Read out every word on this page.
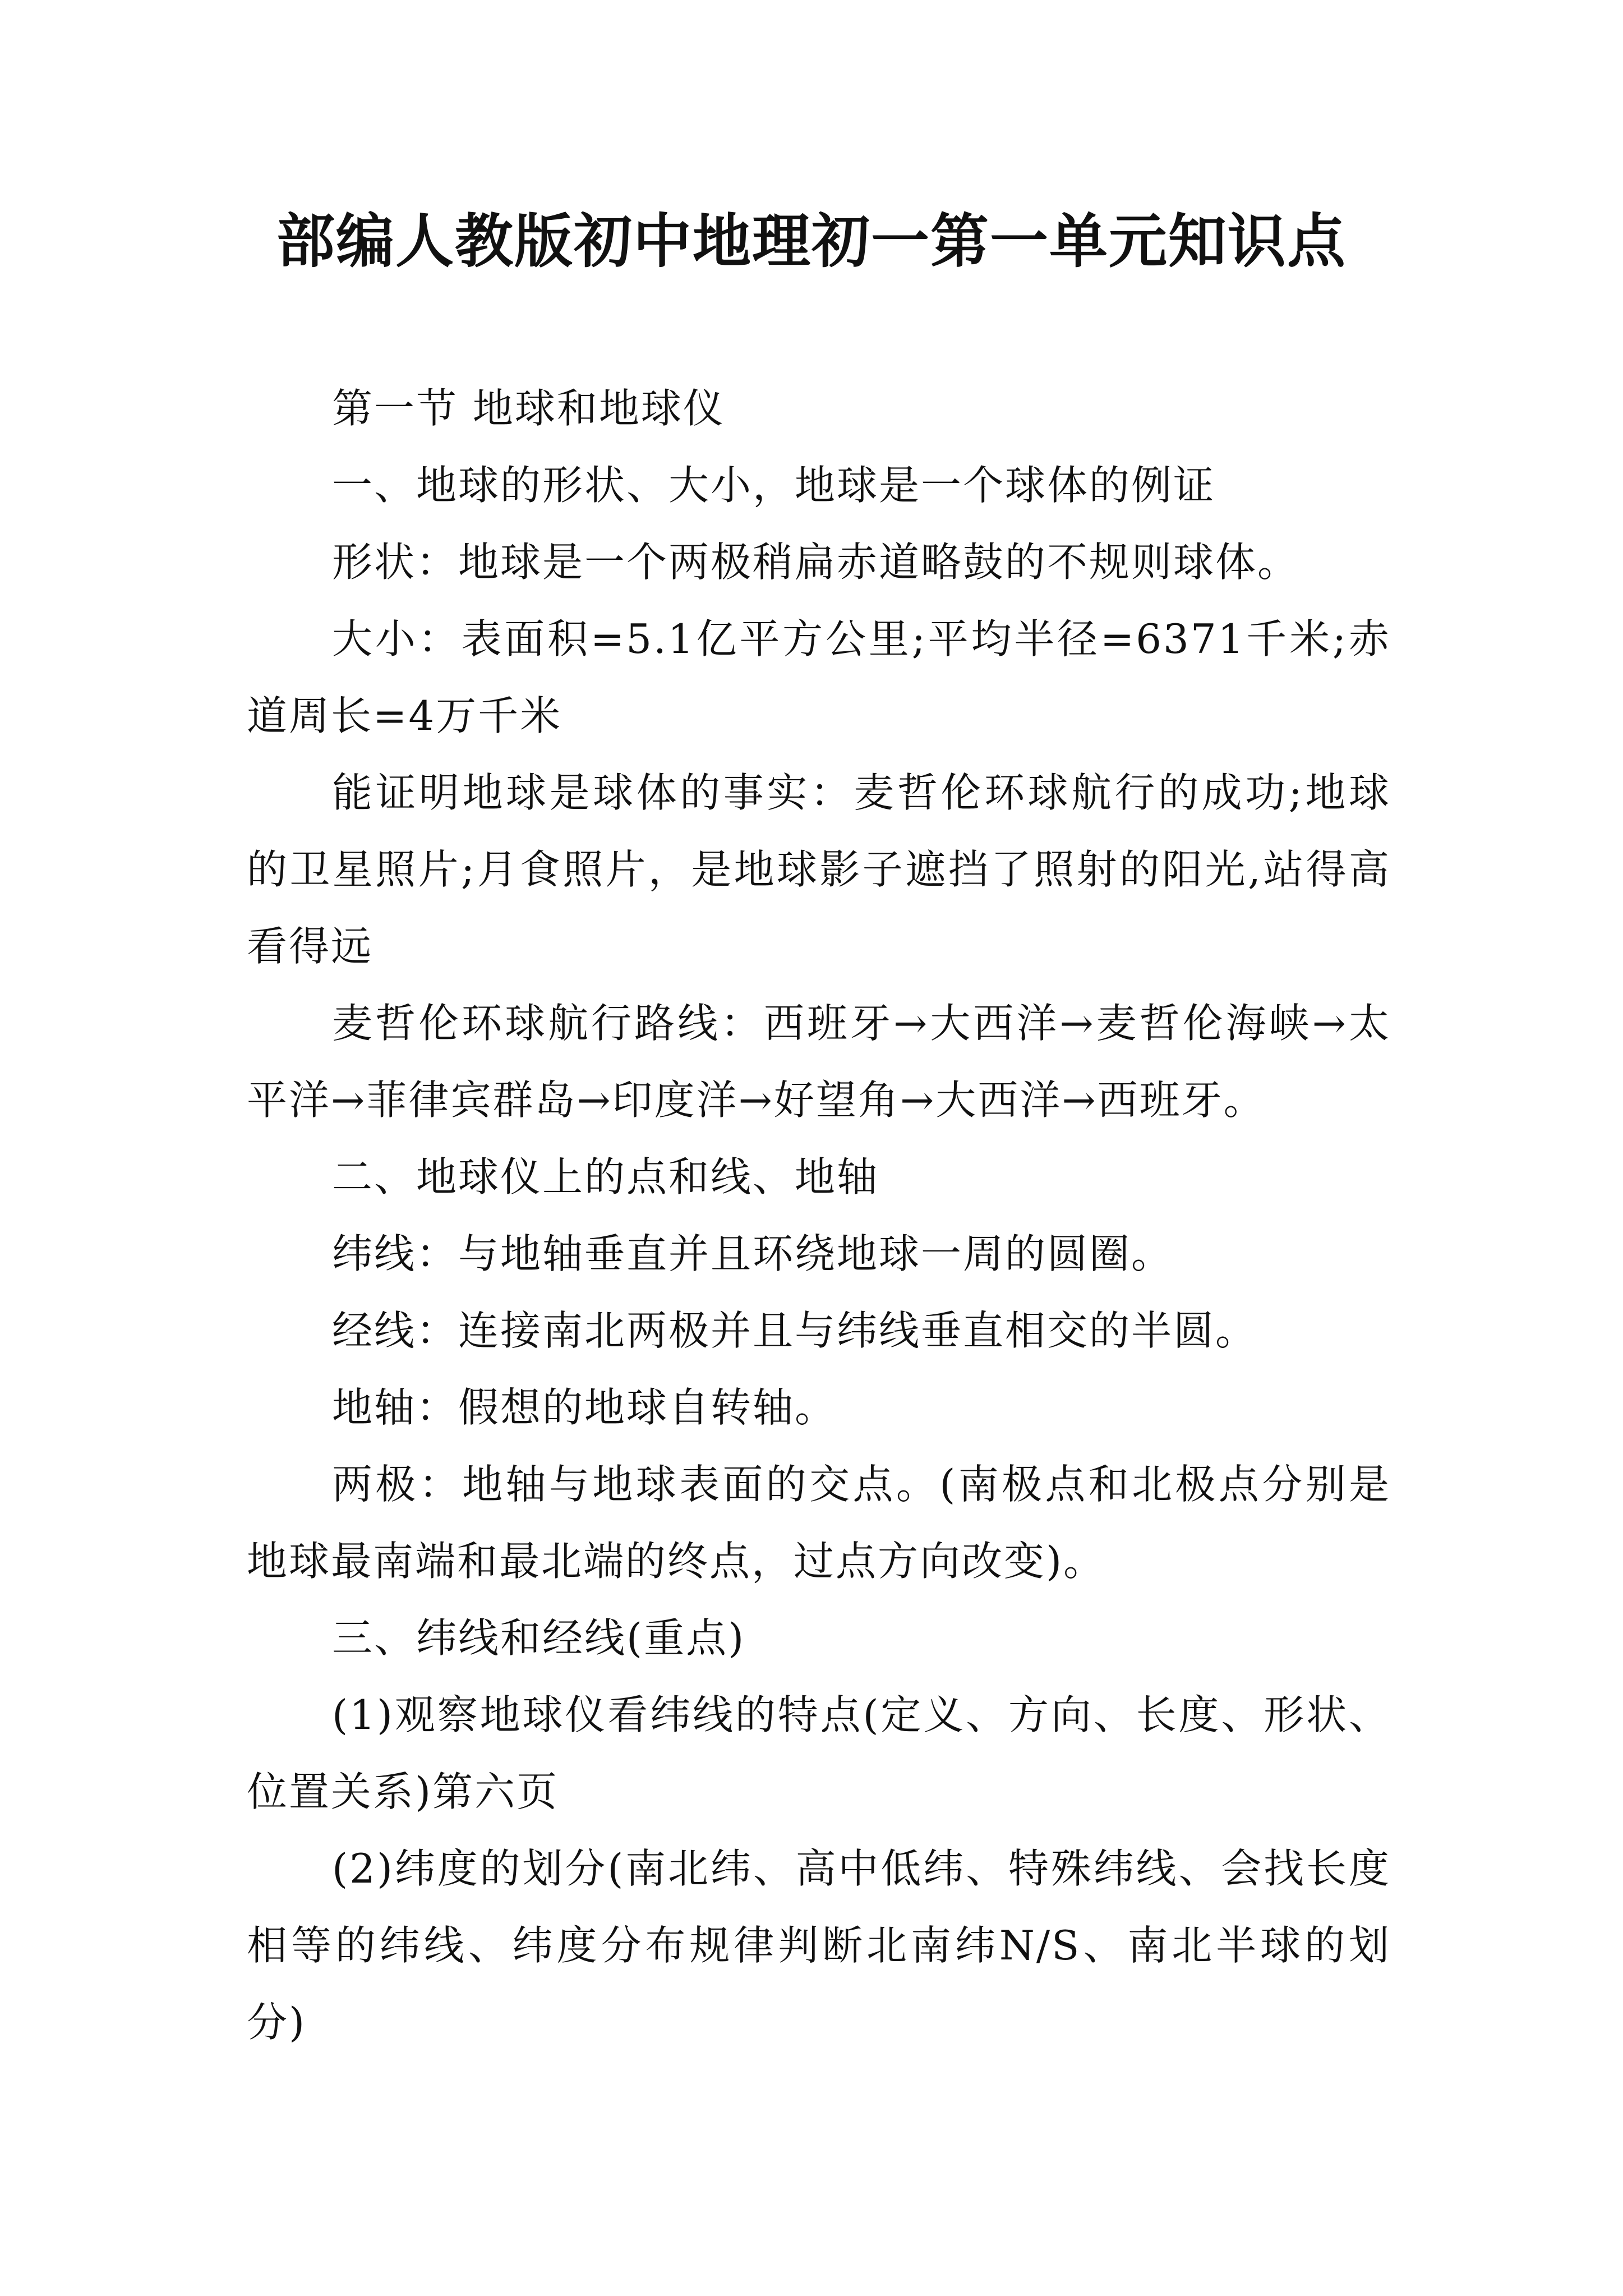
部编人教版初中地理初一第一单元知识点

第一节 地球和地球仪

一、地球的形状、大小，地球是一个球体的例证

形状：地球是一个两极稍扁赤道略鼓的不规则球体。

大小：表面积=5.1亿平方公里;平均半径=6371千米;赤道周长=4万千米

能证明地球是球体的事实：麦哲伦环球航行的成功;地球的卫星照片;月食照片，是地球影子遮挡了照射的阳光,站得高看得远

麦哲伦环球航行路线：西班牙→大西洋→麦哲伦海峡→太平洋→菲律宾群岛→印度洋→好望角→大西洋→西班牙。

二、地球仪上的点和线、地轴

纬线：与地轴垂直并且环绕地球一周的圆圈。

经线：连接南北两极并且与纬线垂直相交的半圆。

地轴：假想的地球自转轴。

两极：地轴与地球表面的交点。(南极点和北极点分别是地球最南端和最北端的终点，过点方向改变)。

三、纬线和经线(重点)

(1)观察地球仪看纬线的特点(定义、方向、长度、形状、位置关系)第六页

(2)纬度的划分(南北纬、高中低纬、特殊纬线、会找长度相等的纬线、纬度分布规律判断北南纬N/S、南北半球的划分)
